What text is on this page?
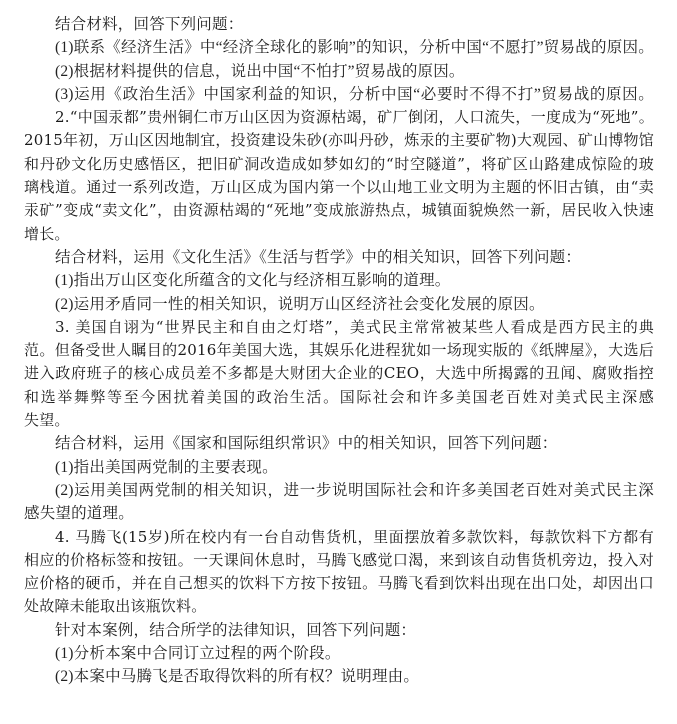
结合材料，回答下列问题：
(1)联系《经济生活》中“经济全球化的影响”的知识，分析中国“不愿打”贸易战的原因。
(2)根据材料提供的信息，说出中国“不怕打”贸易战的原因。
(3)运用《政治生活》中国家利益的知识，分析中国“必要时不得不打”贸易战的原因。
2.“中国汞都”贵州铜仁市万山区因为资源枯竭，矿厂倒闭，人口流失，一度成为“死地”。
2015年初，万山区因地制宜，投资建设朱砂(亦叫丹砂，炼汞的主要矿物)大观园、矿山博物馆
和丹砂文化历史感悟区，把旧矿洞改造成如梦如幻的“时空隧道”，将矿区山路建成惊险的玻
璃栈道。通过一系列改造，万山区成为国内第一个以山地工业文明为主题的怀旧古镇，由“卖
汞矿”变成“卖文化”，由资源枯竭的“死地”变成旅游热点，城镇面貌焕然一新，居民收入快速
增长。
结合材料，运用《文化生活》《生活与哲学》中的相关知识，回答下列问题：
(1)指出万山区变化所蕴含的文化与经济相互影响的道理。
(2)运用矛盾同一性的相关知识，说明万山区经济社会变化发展的原因。
3. 美国自诩为“世界民主和自由之灯塔”，美式民主常常被某些人看成是西方民主的典
范。但备受世人瞩目的2016年美国大选，其娱乐化进程犹如一场现实版的《纸牌屋》，大选后
进入政府班子的核心成员差不多都是大财团大企业的CEO，大选中所揭露的丑闻、腐败指控
和选举舞弊等至今困扰着美国的政治生活。国际社会和许多美国老百姓对美式民主深感
失望。
结合材料，运用《国家和国际组织常识》中的相关知识，回答下列问题：
(1)指出美国两党制的主要表现。
(2)运用美国两党制的相关知识，进一步说明国际社会和许多美国老百姓对美式民主深
感失望的道理。
4. 马腾飞(15岁)所在校内有一台自动售货机，里面摆放着多款饮料，每款饮料下方都有
相应的价格标签和按钮。一天课间休息时，马腾飞感觉口渴，来到该自动售货机旁边，投入对
应价格的硬币，并在自己想买的饮料下方按下按钮。马腾飞看到饮料出现在出口处，却因出口
处故障未能取出该瓶饮料。
针对本案例，结合所学的法律知识，回答下列问题：
(1)分析本案中合同订立过程的两个阶段。
(2)本案中马腾飞是否取得饮料的所有权？说明理由。
